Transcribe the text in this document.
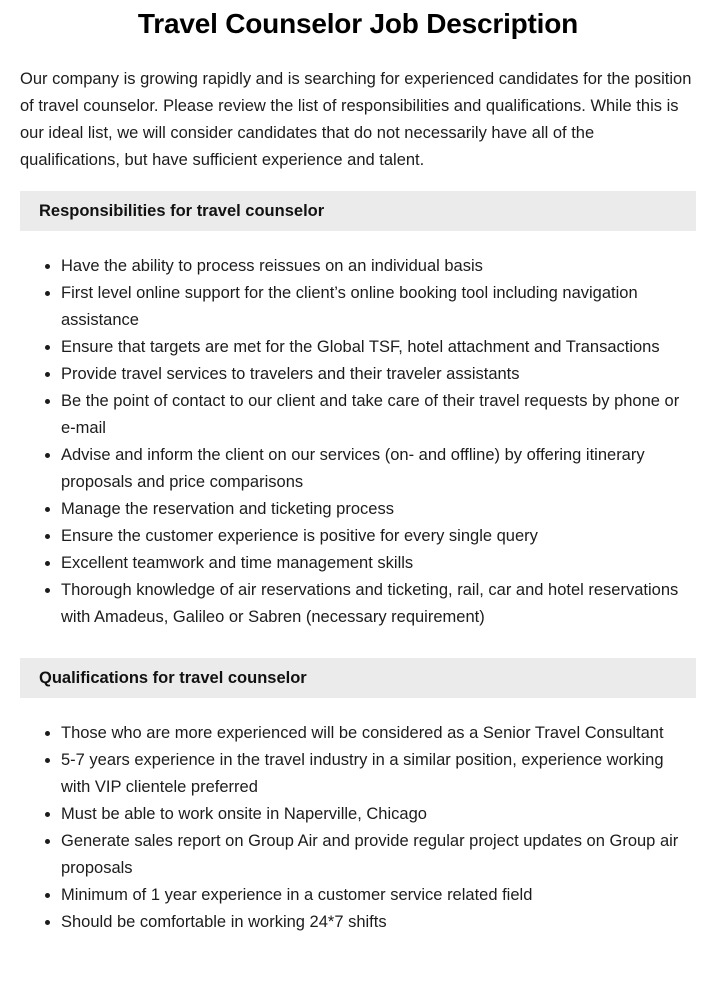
Travel Counselor Job Description

Our company is growing rapidly and is searching for experienced candidates for the position of travel counselor. Please review the list of responsibilities and qualifications. While this is our ideal list, we will consider candidates that do not necessarily have all of the qualifications, but have sufficient experience and talent.

Responsibilities for travel counselor
Have the ability to process reissues on an individual basis
First level online support for the client’s online booking tool including navigation assistance
Ensure that targets are met for the Global TSF, hotel attachment and Transactions
Provide travel services to travelers and their traveler assistants
Be the point of contact to our client and take care of their travel requests by phone or e-mail
Advise and inform the client on our services (on- and offline) by offering itinerary proposals and price comparisons
Manage the reservation and ticketing process
Ensure the customer experience is positive for every single query
Excellent teamwork and time management skills
Thorough knowledge of air reservations and ticketing, rail, car and hotel reservations with Amadeus, Galileo or Sabren (necessary requirement)
Qualifications for travel counselor
Those who are more experienced will be considered as a Senior Travel Consultant
5-7 years experience in the travel industry in a similar position, experience working with VIP clientele preferred
Must be able to work onsite in Naperville, Chicago
Generate sales report on Group Air and provide regular project updates on Group air proposals
Minimum of 1 year experience in a customer service related field
Should be comfortable in working 24*7 shifts
